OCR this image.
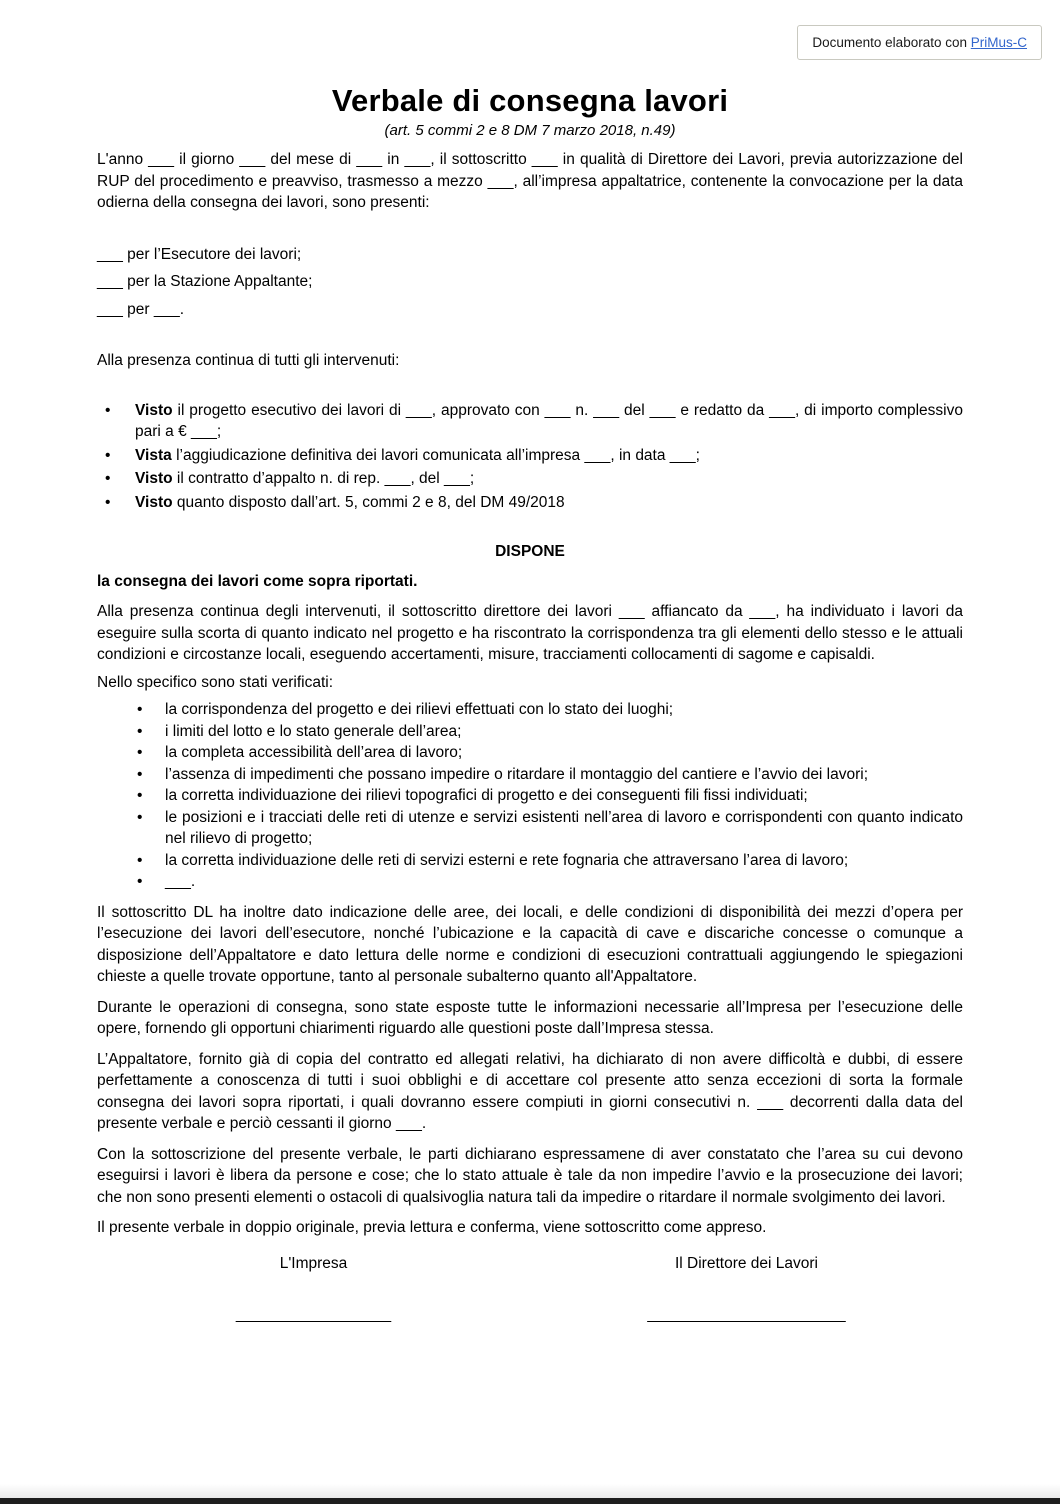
Documento elaborato con PriMus-C
Verbale di consegna lavori
(art. 5 commi 2 e 8 DM 7 marzo 2018, n.49)

L'anno ___ il giorno ___ del mese di ___ in ___, il sottoscritto ___ in qualità di Direttore dei Lavori, previa autorizzazione del RUP del procedimento e preavviso, trasmesso a mezzo ___, all’impresa appaltatrice, contenente la convocazione per la data odierna della consegna dei lavori, sono presenti:

___ per l’Esecutore dei lavori;

___ per la Stazione Appaltante;

___ per ___.

Alla presenza continua di tutti gli intervenuti:

• Visto il progetto esecutivo dei lavori di ___, approvato con ___ n. ___ del ___ e redatto da ___, di importo complessivo pari a € ___;
• Vista l’aggiudicazione definitiva dei lavori comunicata all’impresa ___, in data ___;
• Visto il contratto d’appalto n. di rep. ___, del ___;
• Visto quanto disposto dall’art. 5, commi 2 e 8, del DM 49/2018
DISPONE
la consegna dei lavori come sopra riportati.

Alla presenza continua degli intervenuti, il sottoscritto direttore dei lavori ___ affiancato da ___, ha individuato i lavori da eseguire sulla scorta di quanto indicato nel progetto e ha riscontrato la corrispondenza tra gli elementi dello stesso e le attuali condizioni e circostanze locali, eseguendo accertamenti, misure, tracciamenti collocamenti di sagome e capisaldi.

Nello specifico sono stati verificati:

• la corrispondenza del progetto e dei rilievi effettuati con lo stato dei luoghi;
• i limiti del lotto e lo stato generale dell’area;
• la completa accessibilità dell’area di lavoro;
• l’assenza di impedimenti che possano impedire o ritardare il montaggio del cantiere e l’avvio dei lavori;
• la corretta individuazione dei rilievi topografici di progetto e dei conseguenti fili fissi individuati;
• le posizioni e i tracciati delle reti di utenze e servizi esistenti nell’area di lavoro e corrispondenti con quanto indicato nel rilievo di progetto;
• la corretta individuazione delle reti di servizi esterni e rete fognaria che attraversano l’area di lavoro;
• ___.

Il sottoscritto DL ha inoltre dato indicazione delle aree, dei locali, e delle condizioni di disponibilità dei mezzi d’opera per l’esecuzione dei lavori dell’esecutore, nonché l’ubicazione e la capacità di cave e discariche concesse o comunque a disposizione dell’Appaltatore e dato lettura delle norme e condizioni di esecuzioni contrattuali aggiungendo le spiegazioni chieste a quelle trovate opportune, tanto al personale subalterno quanto all'Appaltatore.

Durante le operazioni di consegna, sono state esposte tutte le informazioni necessarie all’Impresa per l’esecuzione delle opere, fornendo gli opportuni chiarimenti riguardo alle questioni poste dall’Impresa stessa.

L’Appaltatore, fornito già di copia del contratto ed allegati relativi, ha dichiarato di non avere difficoltà e dubbi, di essere perfettamente a conoscenza di tutti i suoi obblighi e di accettare col presente atto senza eccezioni di sorta la formale consegna dei lavori sopra riportati, i quali dovranno essere compiuti in giorni consecutivi n. ___ decorrenti dalla data del presente verbale e perciò cessanti il giorno ___.

Con la sottoscrizione del presente verbale, le parti dichiarano espressamene di aver constatato che l’area su cui devono eseguirsi i lavori è libera da persone e cose; che lo stato attuale è tale da non impedire l’avvio e la prosecuzione dei lavori; che non sono presenti elementi o ostacoli di qualsivoglia natura tali da impedire o ritardare il normale svolgimento dei lavori.

Il presente verbale in doppio originale, previa lettura e conferma, viene sottoscritto come appreso.

L'Impresa	Il Direttore dei Lavori
__________________	_______________________
